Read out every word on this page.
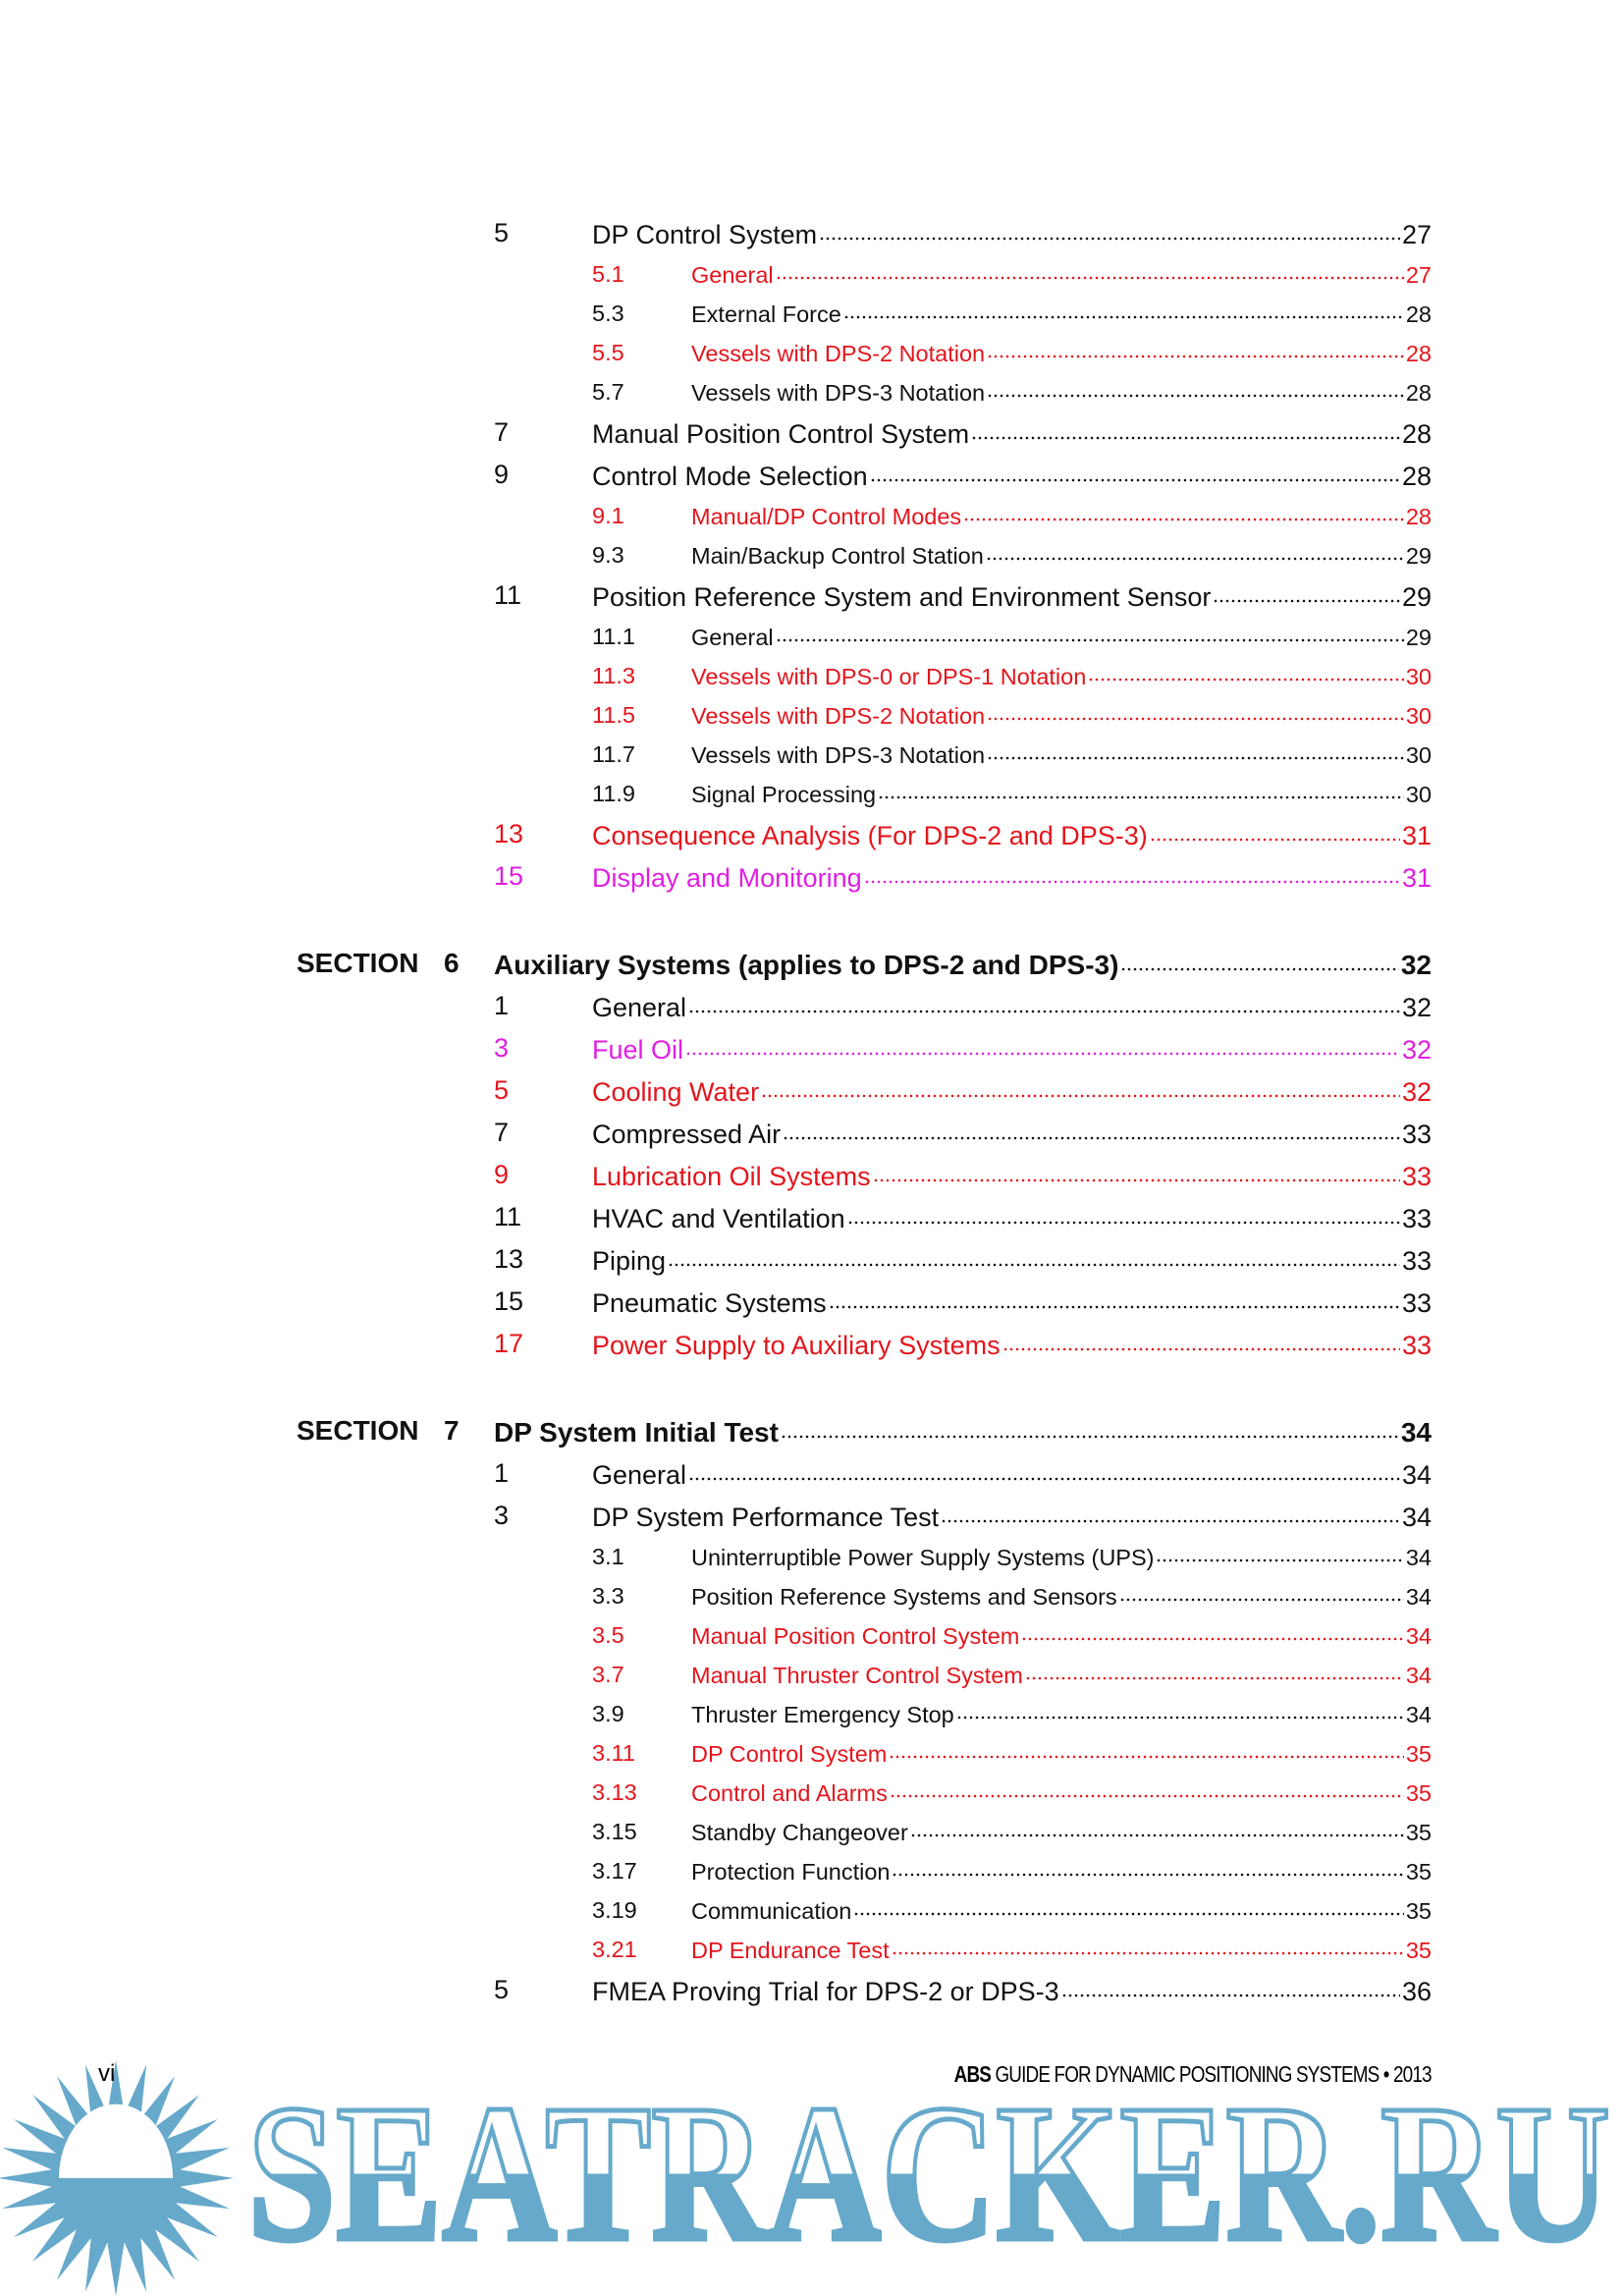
SEATRACKER.RU
5	DP Control System	27
5.1	General	27
5.3	External Force	28
5.5	Vessels with DPS-2 Notation	28
5.7	Vessels with DPS-3 Notation	28
7	Manual Position Control System	28
9	Control Mode Selection	28
9.1	Manual/DP Control Modes	28
9.3	Main/Backup Control Station	29
11	Position Reference System and Environment Sensor	29
11.1 General	29
11.3 Vessels with DPS-0 or DPS-1 Notation	30
11.5 Vessels with DPS-2 Notation	30
11.7 Vessels with DPS-3 Notation	30
11.9 Signal Processing	30
13	Consequence Analysis (For DPS-2 and DPS-3)	31
15	Display and Monitoring	31
SECTION 6 Auxiliary Systems (applies to DPS-2 and DPS-3)	32
1	General	32
3	Fuel Oil	32
5	Cooling Water	32
7	Compressed Air	33
9	Lubrication Oil Systems	33
11	HVAC and Ventilation	33
13	Piping	33
15	Pneumatic Systems	33
17	Power Supply to Auxiliary Systems	33
SECTION 7 DP System Initial Test	34
1	General	34
3	DP System Performance Test	34
3.1	Uninterruptible Power Supply Systems (UPS)	34
3.3	Position Reference Systems and Sensors	34
3.5	Manual Position Control System	34
3.7	Manual Thruster Control System	34
3.9	Thruster Emergency Stop	34
3.11 DP Control System	35
3.13 Control and Alarms	35
3.15 Standby Changeover	35
3.17 Protection Function	35
3.19 Communication	35
3.21 DP Endurance Test	35
5	FMEA Proving Trial for DPS-2 or DPS-3	36
vi	ABS GUIDE FOR DYNAMIC POSITIONING SYSTEMS • 2013
